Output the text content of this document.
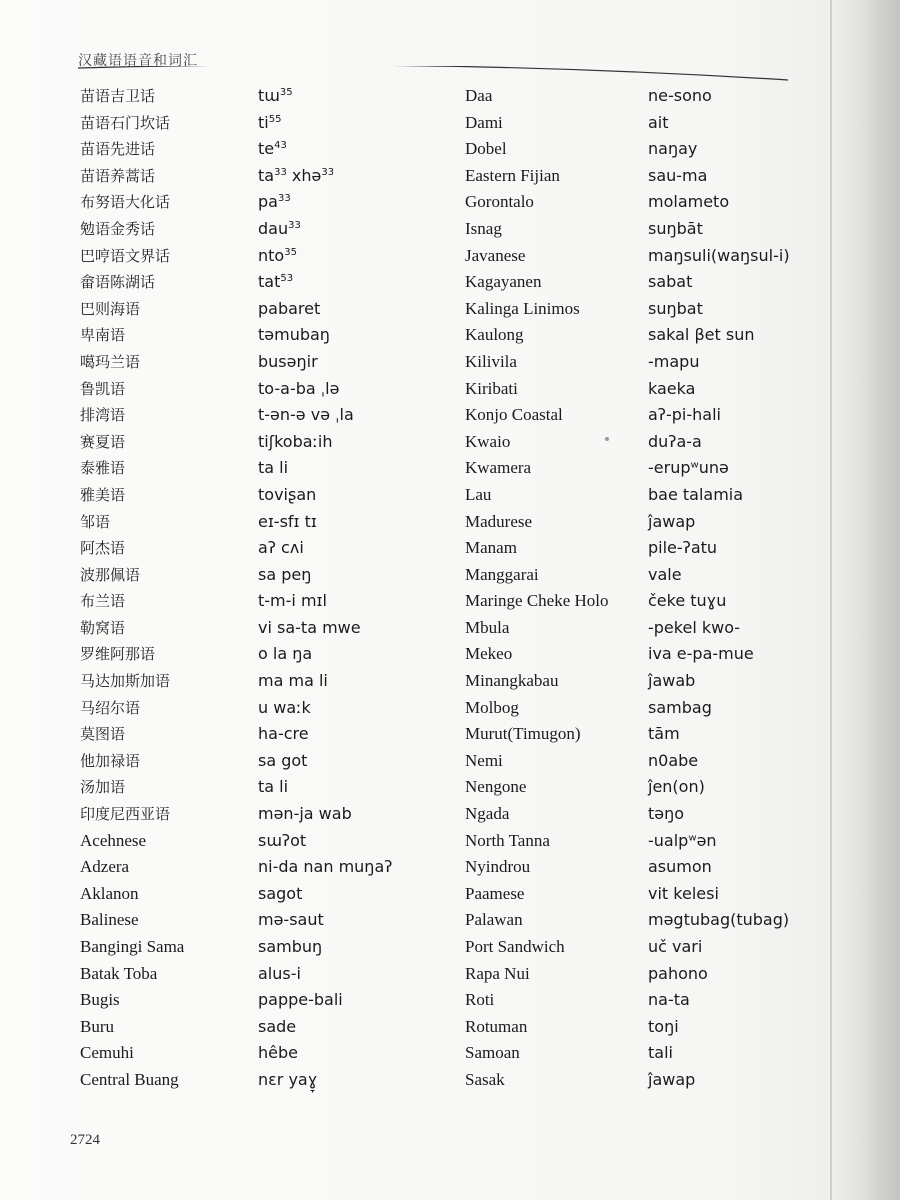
汉藏语语音和词汇
苗语吉卫话
苗语石门坎话
苗语先进话
苗语养蒿话
布努语大化话
勉语金秀话
巴哼语文界话
畲语陈湖话
巴则海语
卑南语
噶玛兰语
鲁凯语
排湾语
赛夏语
泰雅语
雅美语
邹语
阿杰语
波那佩语
布兰语
勒窝语
罗维阿那语
马达加斯加语
马绍尔语
莫图语
他加禄语
汤加语
印度尼西亚语
Acehnese
Adzera
Aklanon
Balinese
Bangingi Sama
Batak Toba
Bugis
Buru
Cemuhi
Central Buang
tɯ$^{35}$
$ti^{55}$
$te^{43}$
$ta^{33}$ xhə$^{33}$
$pa^{33}$
dau$^{33}$
nto$^{35}$
tat$^{53}$
pabaret
təmubaŋ
busəŋir
to-a-ba ˌlə
t-ən-ə və ˌla
tiʃkobaːih
ta li
toviʂan
eɪ-sfɪ tɪ
aʔ cʌi
sa peŋ
t-m-i mɪl
vi sa-ta mwe
o la ŋa
ma ma li
u waːk
ha-cre
sa got
ta li
mən-ja wab
sɯʔot
ni-da nan muŋaʔ
sagot
mə-saut
sambuŋ
alus-i
pappe-bali
sade
hêbe
nɛr yaɣ̞
Daa
Dami
Dobel
Eastern Fijian
Gorontalo
Isnag
Javanese
Kagayanen
Kalinga Linimos
Kaulong
Kilivila
Kiribati
Konjo Coastal
Kwaio
Kwamera
Lau
Madurese
Manam
Manggarai
Maringe Cheke Holo
Mbula
Mekeo
Minangkabau
Molbog
Murut(Timugon)
Nemi
Nengone
Ngada
North Tanna
Nyindrou
Paamese
Palawan
Port Sandwich
Rapa Nui
Roti
Rotuman
Samoan
Sasak
ne-sono
ait
naŋay
sau-ma
molameto
suŋbāt
maŋsuli(waŋsul-i)
sabat
suŋbat
sakal βet sun
-mapu
kaeka
aʔ-pi-hali
duʔa-a
-erupʷunə
bae talamia
ĵawap
pile-ʔatu
vale
čeke tuɣu
-pekel kwo-
iva e-pa-mue
ĵawab
sambag
tām
n0abe
ĵen(on)
təŋo
-ualpʷən
asumon
vit kelesi
məgtubag(tubag)
uč vari
pahono
na-ta
toŋi
tali
ĵawap
2724
